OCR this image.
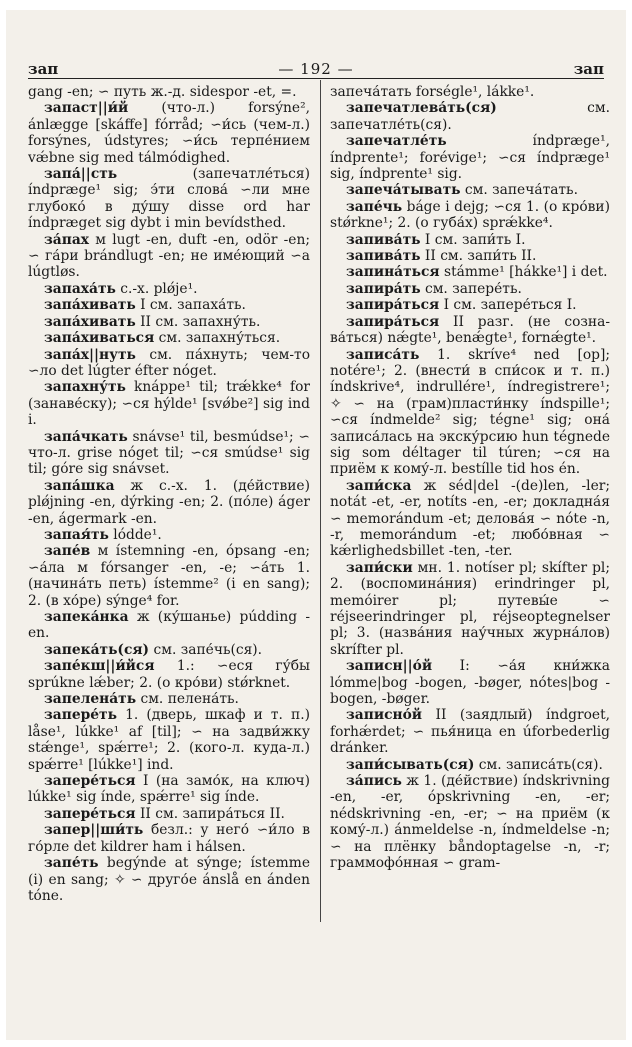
зап	— 192 —	зап

gang -en; ∽ путь ж.-д. sidespor -et, =.

запаст||и́й (что-л.) forsýne², ánlægge [skáffe] fórråd; ∽и́сь (чем-л.) forsýnes, údstyres; ∽и́сь терпе́нием vǽbne sig med tálmódighed.

запа́||сть	(запечатле́ться) índpræge¹ sig; э́ти слова́ ∽ли мне глубоко́ в ду́шу disse ord har índpræget sig dybt i min bevídsthed.

за́пах м lugt -en, duft -en, odör -en; ∽ га́ри brándlugt -en; не име́ющий ∽а lúgtløs.

запаха́ть с.-х. plǿje¹.

запа́хивать I см. запаха́ть.

запа́хивать II см. запахну́ть.

запа́хиваться см. запахну́ться.

запа́х||нуть см. па́хнуть; чем-то ∽ло det lúgter éfter nóget.

запахну́ть knáppe¹ til; trǽkke⁴ for (занаве́ску); ∽ся hýlde¹ [svǿbe²] sig ind i.

запа́чкать snávse¹ til, besmúdse¹; ∽ что-л. grise nóget til; ∽ся smúdse¹ sig til; góre sig snávset.

запа́шка ж с.-х. 1. (де́йствие) plǿjning -en, dýrking -en; 2. (по́ле) áger -en, ágermark -en.

запая́ть lódde¹.

запе́в м ístemning -en, ópsang -en; ∽а́ла м fórsanger -en, -e; ∽а́ть 1. (начина́ть петь) ístemme² (i en sang); 2. (в хо́ре) sýnge⁴ for.

запека́нка ж (ку́шанье) púdding -en.

запека́ть(ся) см. запе́чь(ся).

запе́кш||и́йся 1.: ∽еся гу́бы sprúkne lǽber; 2. (о кро́ви) stǿrknet.

запелена́ть см. пелена́ть.

запере́ть 1. (дверь, шкаф и т. п.) låse¹, lúkke¹ af [til]; ∽ на задви́жку stǽnge¹, spǽrre¹; 2. (кого-л. куда-л.) spǽrre¹ [lúkke¹] ind.

запере́ться I (на замо́к, на ключ) lúkke¹ sig índe, spǽrre¹ sig índe.

запере́ться II см. запира́ться II.

запер||ши́ть безл.: у него́ ∽и́ло в го́рле det kildrer ham i hálsen.

запе́ть begýnde at sýnge; ístemme (i) en sang; ✧ ∽ друго́е ánslå en ánden tóne.

запеча́тать forségle¹, lákke¹.

запечатлева́ть(ся)	см. запечатле́ть(ся).

запечатле́ть	índpræge¹, índprente¹; forévige¹; ∽ся índpræge¹ sig, índprente¹ sig.

запеча́тывать см. запеча́тать.

запе́чь báge i dejg; ∽ся 1. (о кро́ви) stǿrkne¹; 2. (о губа́х) sprǽkke⁴.

запива́ть I см. запи́ть I.

запива́ть II см. запи́ть II.

запина́ться stámme¹ [hákke¹] i det.

запира́ть см. запере́ть.

запира́ться I см. запере́ться I.

запира́ться II разг. (не созна-ва́ться) nǽgte¹, benǽgte¹, fornǽgte¹.

записа́ть 1. skríve⁴ ned [op]; notére¹; 2. (внести́ в спи́сок и т. п.) índskrive⁴, indrullére¹, índregistrere¹; ✧ ∽ на (грам)пласти́нку índspille¹; ∽ся índmelde² sig; tégne¹ sig; она́ записа́лась на экску́рсию hun tégnede sig som déltager til túren; ∽ся на приём к кому́-л. bestílle tid hos én.

запи́ска ж séd|del -(de)len, -ler; notát -et, -er, notíts -en, -er; докладна́я ∽ memorándum -et; делова́я ∽ nóte -n, -r, memorándum -et; любо́вная ∽ kǽrlighedsbillet -ten, -ter.

запи́ски мн. 1. notíser pl; skífter pl; 2. (воспомина́ния) erindringer pl, memóirer pl; путевы́е ∽ réjseerindringer pl, réjseoptegnelser pl; 3. (назва́ния нау́чных журна́лов) skrífter pl.

записн||о́й I: ∽а́я кни́жка lómme|bog -bogen, -bøger, nótes|bog -bogen, -bøger.

записно́й II (заядлый) índgroet, forhǽrdet; ∽ пья́ница en úforbederlig dránker.

запи́сывать(ся) см. записа́ть(ся).

за́пись ж 1. (де́йствие) índskrivning -en, -er, ópskrivning -en, -er; nédskrivning -en, -er; ∽ на приём (к кому́-л.) ánmeldelse -n, índmeldelse -n; ∽ на плёнку båndoptagelse -n, -r; граммофо́нная ∽ gram-
